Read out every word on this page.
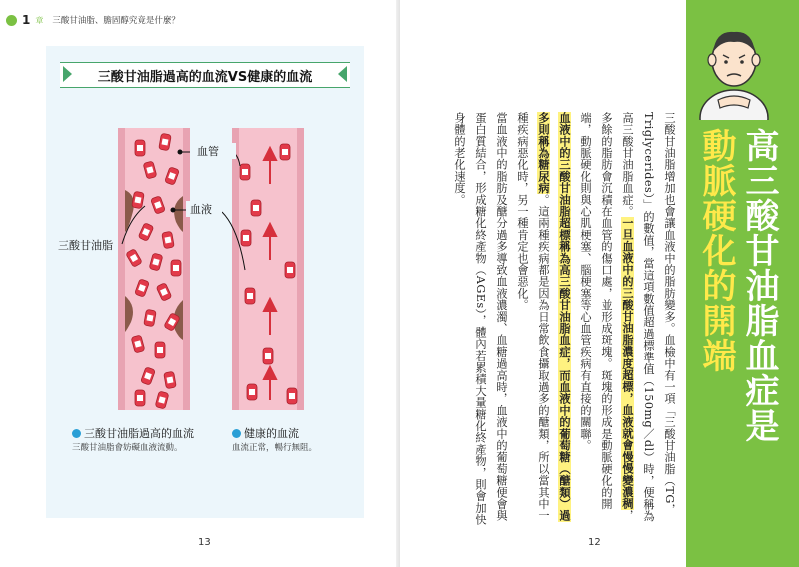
1 章 三酸甘油脂、膽固醇究竟是什麼？
三酸甘油脂過高的血流VS健康的血流
血管
血液
三酸甘油脂
三酸甘油脂過高的血流
三酸甘油脂會妨礙血液流動。
健康的血流
血流正常，暢行無阻。
13	12
高三酸甘油脂血症是
動脈硬化的開端
三酸甘油脂增加也會讓血液中的脂肪變多。血檢中有一項「三酸甘油脂（TG，Triglycerides）」的數值，當這項數值超過標準值（150mg／dl）時，便稱為高三酸甘油脂血症。一旦血液中的三酸甘油脂濃度超標，血液就會慢慢變濃稠，多餘的脂肪會沉積在血管的傷口處，並形成斑塊。斑塊的形成是動脈硬化的開端，動脈硬化則與心肌梗塞、腦梗塞等心血管疾病有直接的關聯。
血液中的三酸甘油脂超標稱為高三酸甘油脂血症，而血液中的葡萄糖（醣類）過多則稱為糖尿病。這兩種疾病都是因為日常飲食攝取過多的醣類，所以當其中一種疾病惡化時，另一種肯定也會惡化。
當血液中的脂肪及醣分過多導致血液濃濁、血糖過高時，血液中的葡萄糖便會與蛋白質結合，形成糖化終產物（AGEs），體內若累積大量糖化終產物，則會加快身體的老化速度。
